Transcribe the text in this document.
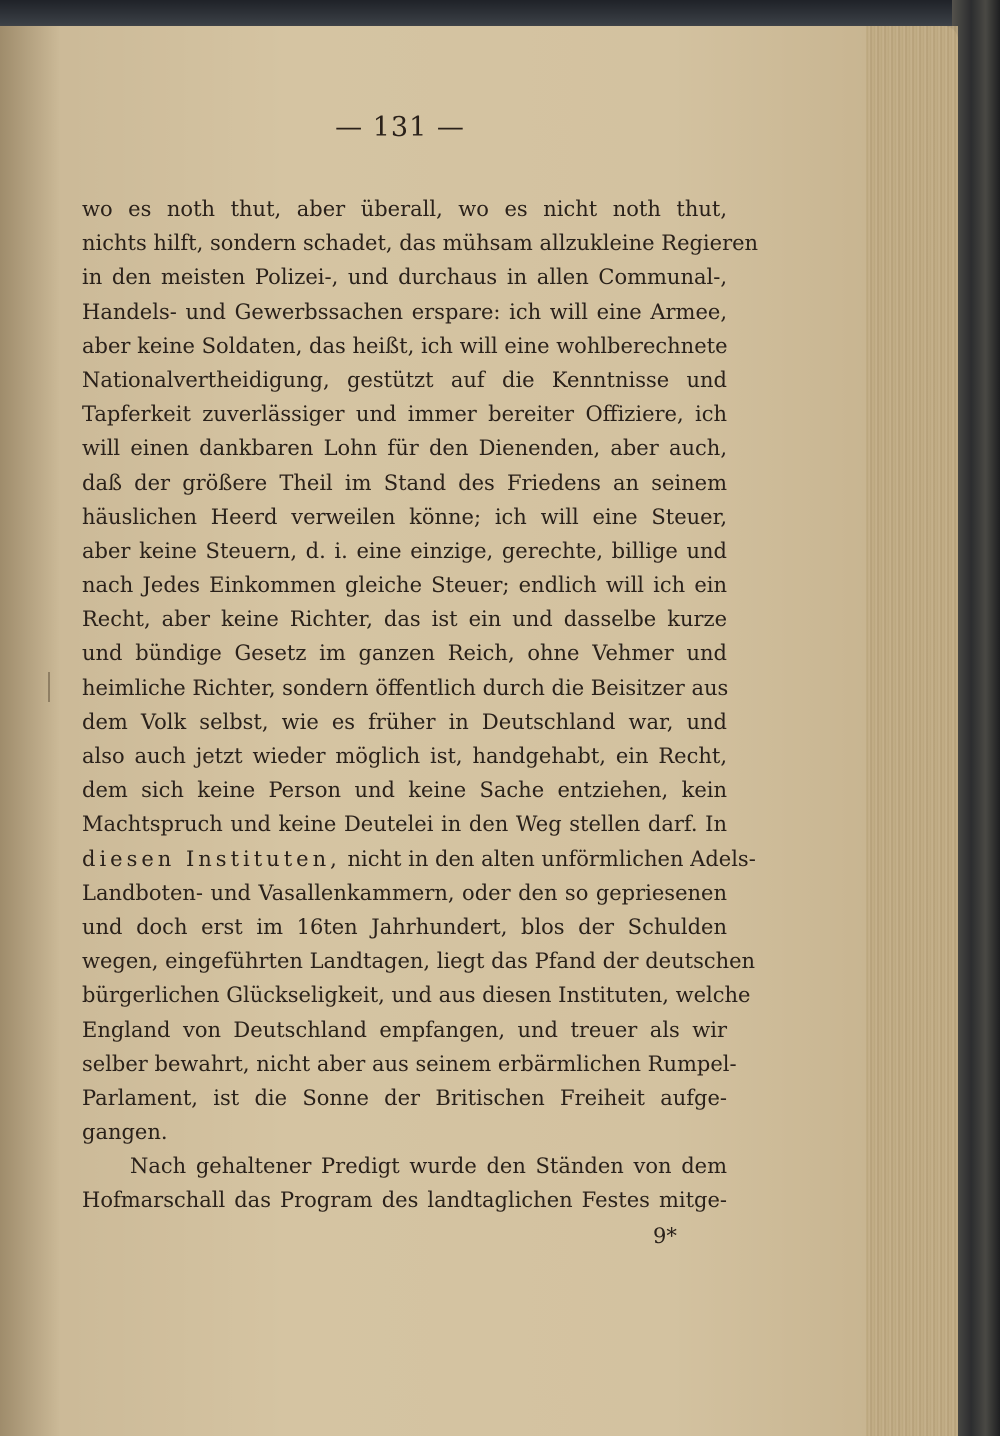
— 131 —
wo es noth thut, aber überall, wo es nicht noth thut,
nichts hilft, sondern schadet, das mühsam allzukleine Regieren
in den meisten Polizei-, und durchaus in allen Communal-,
Handels- und Gewerbssachen erspare: ich will eine Armee,
aber keine Soldaten, das heißt, ich will eine wohlberechnete
Nationalvertheidigung, gestützt auf die Kenntnisse und
Tapferkeit zuverlässiger und immer bereiter Offiziere, ich
will einen dankbaren Lohn für den Dienenden, aber auch,
daß der größere Theil im Stand des Friedens an seinem
häuslichen Heerd verweilen könne; ich will eine Steuer,
aber keine Steuern, d. i. eine einzige, gerechte, billige und
nach Jedes Einkommen gleiche Steuer; endlich will ich ein
Recht, aber keine Richter, das ist ein und dasselbe kurze
und bündige Gesetz im ganzen Reich, ohne Vehmer und
heimliche Richter, sondern öffentlich durch die Beisitzer aus
dem Volk selbst, wie es früher in Deutschland war, und
also auch jetzt wieder möglich ist, handgehabt, ein Recht,
dem sich keine Person und keine Sache entziehen, kein
Machtspruch und keine Deutelei in den Weg stellen darf. In
diesen Instituten, nicht in den alten unförmlichen Adels-
Landboten- und Vasallenkammern, oder den so gepriesenen
und doch erst im 16ten Jahrhundert, blos der Schulden
wegen, eingeführten Landtagen, liegt das Pfand der deutschen
bürgerlichen Glückseligkeit, und aus diesen Instituten, welche
England von Deutschland empfangen, und treuer als wir
selber bewahrt, nicht aber aus seinem erbärmlichen Rumpel-
Parlament, ist die Sonne der Britischen Freiheit aufge-
gangen.
Nach gehaltener Predigt wurde den Ständen von dem
Hofmarschall das Program des landtaglichen Festes mitge-
9*
